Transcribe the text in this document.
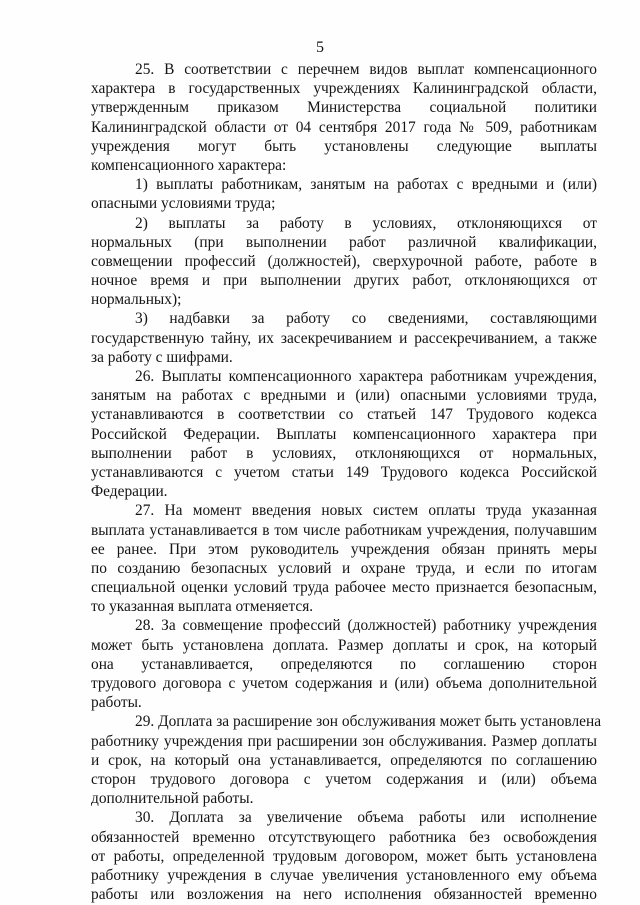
5
25. В соответствии с перечнем видов выплат компенсационного
характера в государственных учреждениях Калининградской области,
утвержденным приказом Министерства социальной политики
Калининградской области от 04 сентября 2017 года № 509, работникам
учреждения могут быть установлены следующие выплаты
компенсационного характера:
1) выплаты работникам, занятым на работах с вредными и (или)
опасными условиями труда;
2) выплаты за работу в условиях, отклоняющихся от
нормальных (при выполнении работ различной квалификации,
совмещении профессий (должностей), сверхурочной работе, работе в
ночное время и при выполнении других работ, отклоняющихся от
нормальных);
3) надбавки за работу со сведениями, составляющими
государственную тайну, их засекречиванием и рассекречиванием, а также
за работу с шифрами.
26. Выплаты компенсационного характера работникам учреждения,
занятым на работах с вредными и (или) опасными условиями труда,
устанавливаются в соответствии со статьей 147 Трудового кодекса
Российской Федерации. Выплаты компенсационного характера при
выполнении работ в условиях, отклоняющихся от нормальных,
устанавливаются с учетом статьи 149 Трудового кодекса Российской
Федерации.
27. На момент введения новых систем оплаты труда указанная
выплата устанавливается в том числе работникам учреждения, получавшим
ее ранее. При этом руководитель учреждения обязан принять меры
по созданию безопасных условий и охране труда, и если по итогам
специальной оценки условий труда рабочее место признается безопасным,
то указанная выплата отменяется.
28. За совмещение профессий (должностей) работнику учреждения
может быть установлена доплата. Размер доплаты и срок, на который
она устанавливается, определяются по соглашению сторон
трудового договора с учетом содержания и (или) объема дополнительной
работы.
29. Доплата за расширение зон обслуживания может быть установлена
работнику учреждения при расширении зон обслуживания. Размер доплаты
и срок, на который она устанавливается, определяются по соглашению
сторон трудового договора с учетом содержания и (или) объема
дополнительной работы.
30. Доплата за увеличение объема работы или исполнение
обязанностей временно отсутствующего работника без освобождения
от работы, определенной трудовым договором, может быть установлена
работнику учреждения в случае увеличения установленного ему объема
работы или возложения на него исполнения обязанностей временно
